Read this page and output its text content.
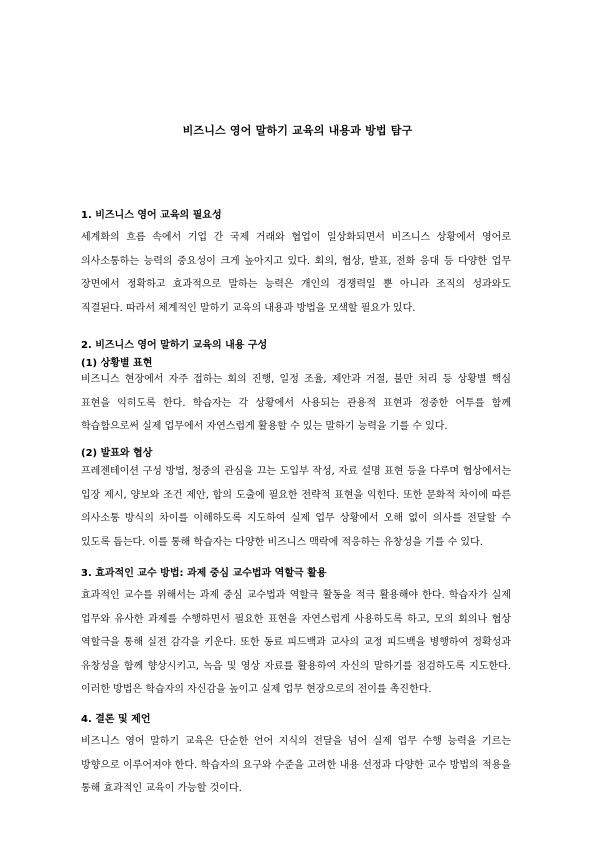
비즈니스 영어 말하기 교육의 내용과 방법 탐구
1. 비즈니스 영어 교육의 필요성
세계화의 흐름 속에서 기업 간 국제 거래와 협업이 일상화되면서 비즈니스 상황에서 영어로 의사소통하는 능력의 중요성이 크게 높아지고 있다. 회의, 협상, 발표, 전화 응대 등 다양한 업무 장면에서 정확하고 효과적으로 말하는 능력은 개인의 경쟁력일 뿐 아니라 조직의 성과와도 직결된다. 따라서 체계적인 말하기 교육의 내용과 방법을 모색할 필요가 있다.
2. 비즈니스 영어 말하기 교육의 내용 구성
(1) 상황별 표현
비즈니스 현장에서 자주 접하는 회의 진행, 일정 조율, 제안과 거절, 불만 처리 등 상황별 핵심 표현을 익히도록 한다. 학습자는 각 상황에서 사용되는 관용적 표현과 정중한 어투를 함께 학습함으로써 실제 업무에서 자연스럽게 활용할 수 있는 말하기 능력을 기를 수 있다.
(2) 발표와 협상
프레젠테이션 구성 방법, 청중의 관심을 끄는 도입부 작성, 자료 설명 표현 등을 다루며 협상에서는 입장 제시, 양보와 조건 제안, 합의 도출에 필요한 전략적 표현을 익힌다. 또한 문화적 차이에 따른 의사소통 방식의 차이를 이해하도록 지도하여 실제 업무 상황에서 오해 없이 의사를 전달할 수 있도록 돕는다. 이를 통해 학습자는 다양한 비즈니스 맥락에 적응하는 유창성을 기를 수 있다.
3. 효과적인 교수 방법: 과제 중심 교수법과 역할극 활용
효과적인 교수를 위해서는 과제 중심 교수법과 역할극 활동을 적극 활용해야 한다. 학습자가 실제 업무와 유사한 과제를 수행하면서 필요한 표현을 자연스럽게 사용하도록 하고, 모의 회의나 협상 역할극을 통해 실전 감각을 키운다. 또한 동료 피드백과 교사의 교정 피드백을 병행하여 정확성과 유창성을 함께 향상시키고, 녹음 및 영상 자료를 활용하여 자신의 말하기를 점검하도록 지도한다. 이러한 방법은 학습자의 자신감을 높이고 실제 업무 현장으로의 전이를 촉진한다.
4. 결론 및 제언
비즈니스 영어 말하기 교육은 단순한 언어 지식의 전달을 넘어 실제 업무 수행 능력을 기르는 방향으로 이루어져야 한다. 학습자의 요구와 수준을 고려한 내용 선정과 다양한 교수 방법의 적용을 통해 효과적인 교육이 가능할 것이다.
